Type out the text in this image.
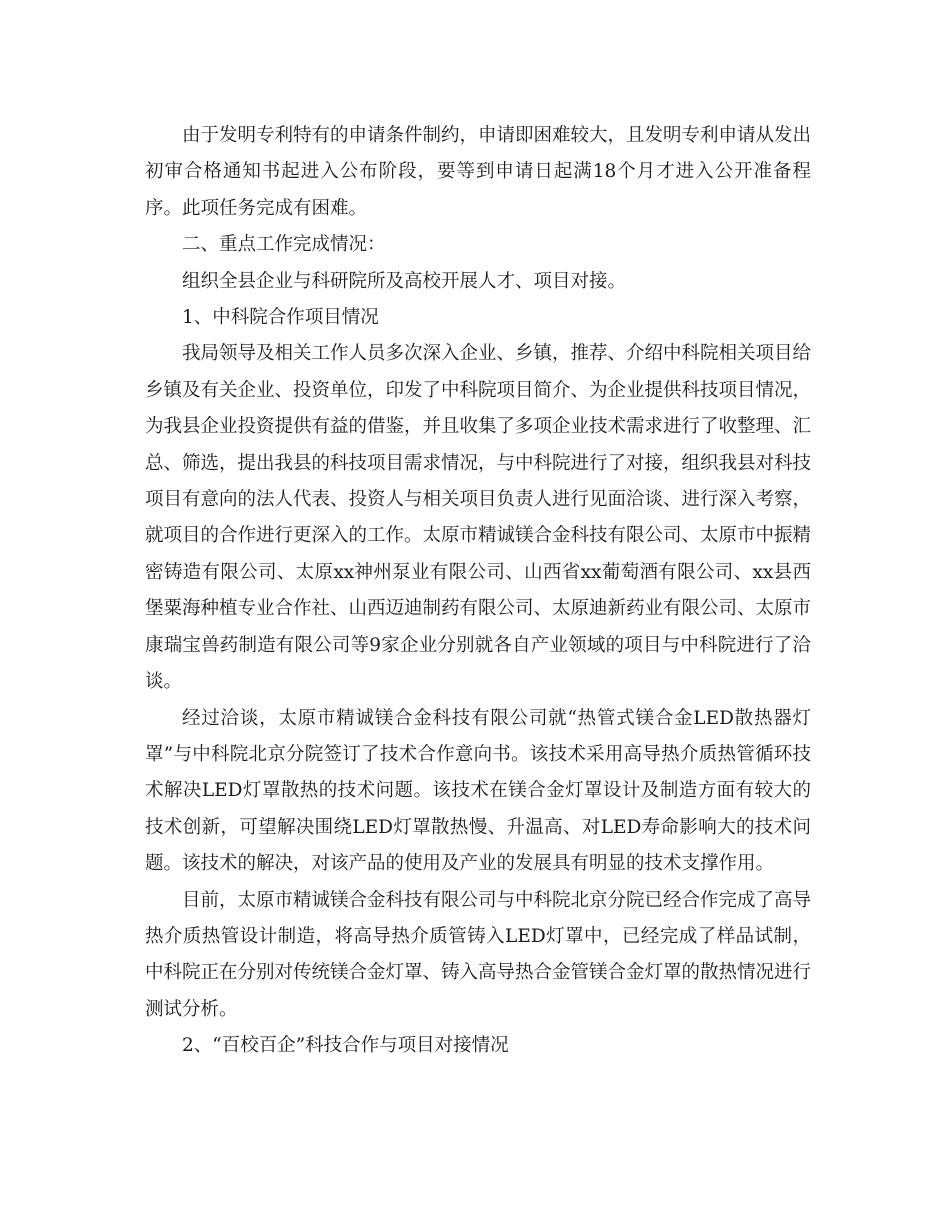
由于发明专利特有的申请条件制约，申请即困难较大，且发明专利申请从发出初审合格通知书起进入公布阶段，要等到申请日起满18个月才进入公开准备程序。此项任务完成有困难。

二、重点工作完成情况：

组织全县企业与科研院所及高校开展人才、项目对接。

1、中科院合作项目情况

我局领导及相关工作人员多次深入企业、乡镇，推荐、介绍中科院相关项目给乡镇及有关企业、投资单位，印发了中科院项目简介、为企业提供科技项目情况，为我县企业投资提供有益的借鉴，并且收集了多项企业技术需求进行了收整理、汇总、筛选，提出我县的科技项目需求情况，与中科院进行了对接，组织我县对科技项目有意向的法人代表、投资人与相关项目负责人进行见面洽谈、进行深入考察，就项目的合作进行更深入的工作。太原市精诚镁合金科技有限公司、太原市中振精密铸造有限公司、太原xx神州泵业有限公司、山西省xx葡萄酒有限公司、xx县西堡粟海种植专业合作社、山西迈迪制药有限公司、太原迪新药业有限公司、太原市康瑞宝兽药制造有限公司等9家企业分别就各自产业领域的项目与中科院进行了洽谈。

经过洽谈，太原市精诚镁合金科技有限公司就“热管式镁合金LED散热器灯罩”与中科院北京分院签订了技术合作意向书。该技术采用高导热介质热管循环技术解决LED灯罩散热的技术问题。该技术在镁合金灯罩设计及制造方面有较大的技术创新，可望解决围绕LED灯罩散热慢、升温高、对LED寿命影响大的技术问题。该技术的解决，对该产品的使用及产业的发展具有明显的技术支撑作用。

目前，太原市精诚镁合金科技有限公司与中科院北京分院已经合作完成了高导热介质热管设计制造，将高导热介质管铸入LED灯罩中，已经完成了样品试制，中科院正在分别对传统镁合金灯罩、铸入高导热合金管镁合金灯罩的散热情况进行测试分析。

2、“百校百企”科技合作与项目对接情况
